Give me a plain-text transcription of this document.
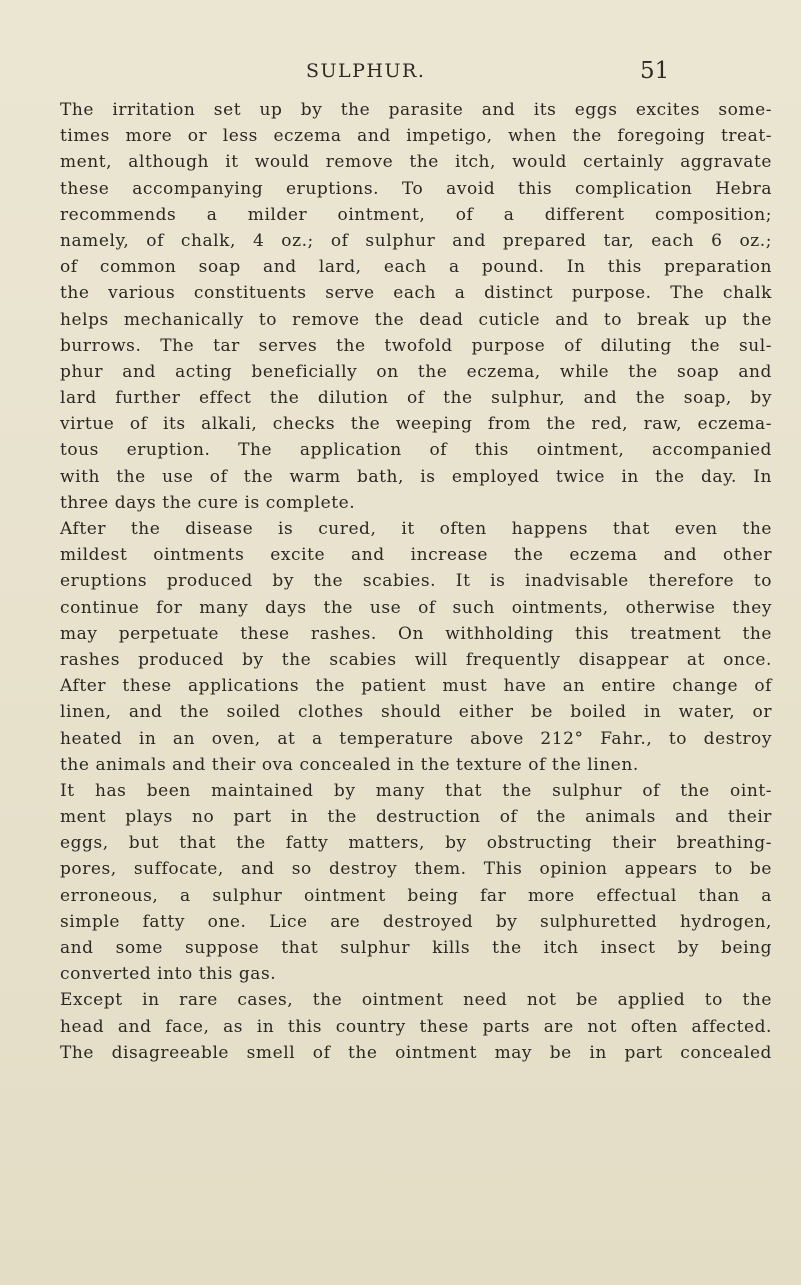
SULPHUR.	51
The irritation set up by the parasite and its eggs excites some-
times more or less eczema and impetigo, when the foregoing treat-
ment, although it would remove the itch, would certainly aggravate
these accompanying eruptions. To avoid this complication Hebra
recommends a milder ointment, of a different composition;
namely, of chalk, 4 oz.; of sulphur and prepared tar, each 6 oz.;
of common soap and lard, each a pound. In this preparation
the various constituents serve each a distinct purpose. The chalk
helps mechanically to remove the dead cuticle and to break up the
burrows. The tar serves the twofold purpose of diluting the sul-
phur and acting beneficially on the eczema, while the soap and
lard further effect the dilution of the sulphur, and the soap, by
virtue of its alkali, checks the weeping from the red, raw, eczema-
tous eruption. The application of this ointment, accompanied
with the use of the warm bath, is employed twice in the day. In
three days the cure is complete.
After the disease is cured, it often happens that even the
mildest ointments excite and increase the eczema and other
eruptions produced by the scabies. It is inadvisable therefore to
continue for many days the use of such ointments, otherwise they
may perpetuate these rashes. On withholding this treatment the
rashes produced by the scabies will frequently disappear at once.
After these applications the patient must have an entire change of
linen, and the soiled clothes should either be boiled in water, or
heated in an oven, at a temperature above 212° Fahr., to destroy
the animals and their ova concealed in the texture of the linen.
It has been maintained by many that the sulphur of the oint-
ment plays no part in the destruction of the animals and their
eggs, but that the fatty matters, by obstructing their breathing-
pores, suffocate, and so destroy them. This opinion appears to be
erroneous, a sulphur ointment being far more effectual than a
simple fatty one. Lice are destroyed by sulphuretted hydrogen,
and some suppose that sulphur kills the itch insect by being
converted into this gas.
Except in rare cases, the ointment need not be applied to the
head and face, as in this country these parts are not often affected.
The disagreeable smell of the ointment may be in part concealed
